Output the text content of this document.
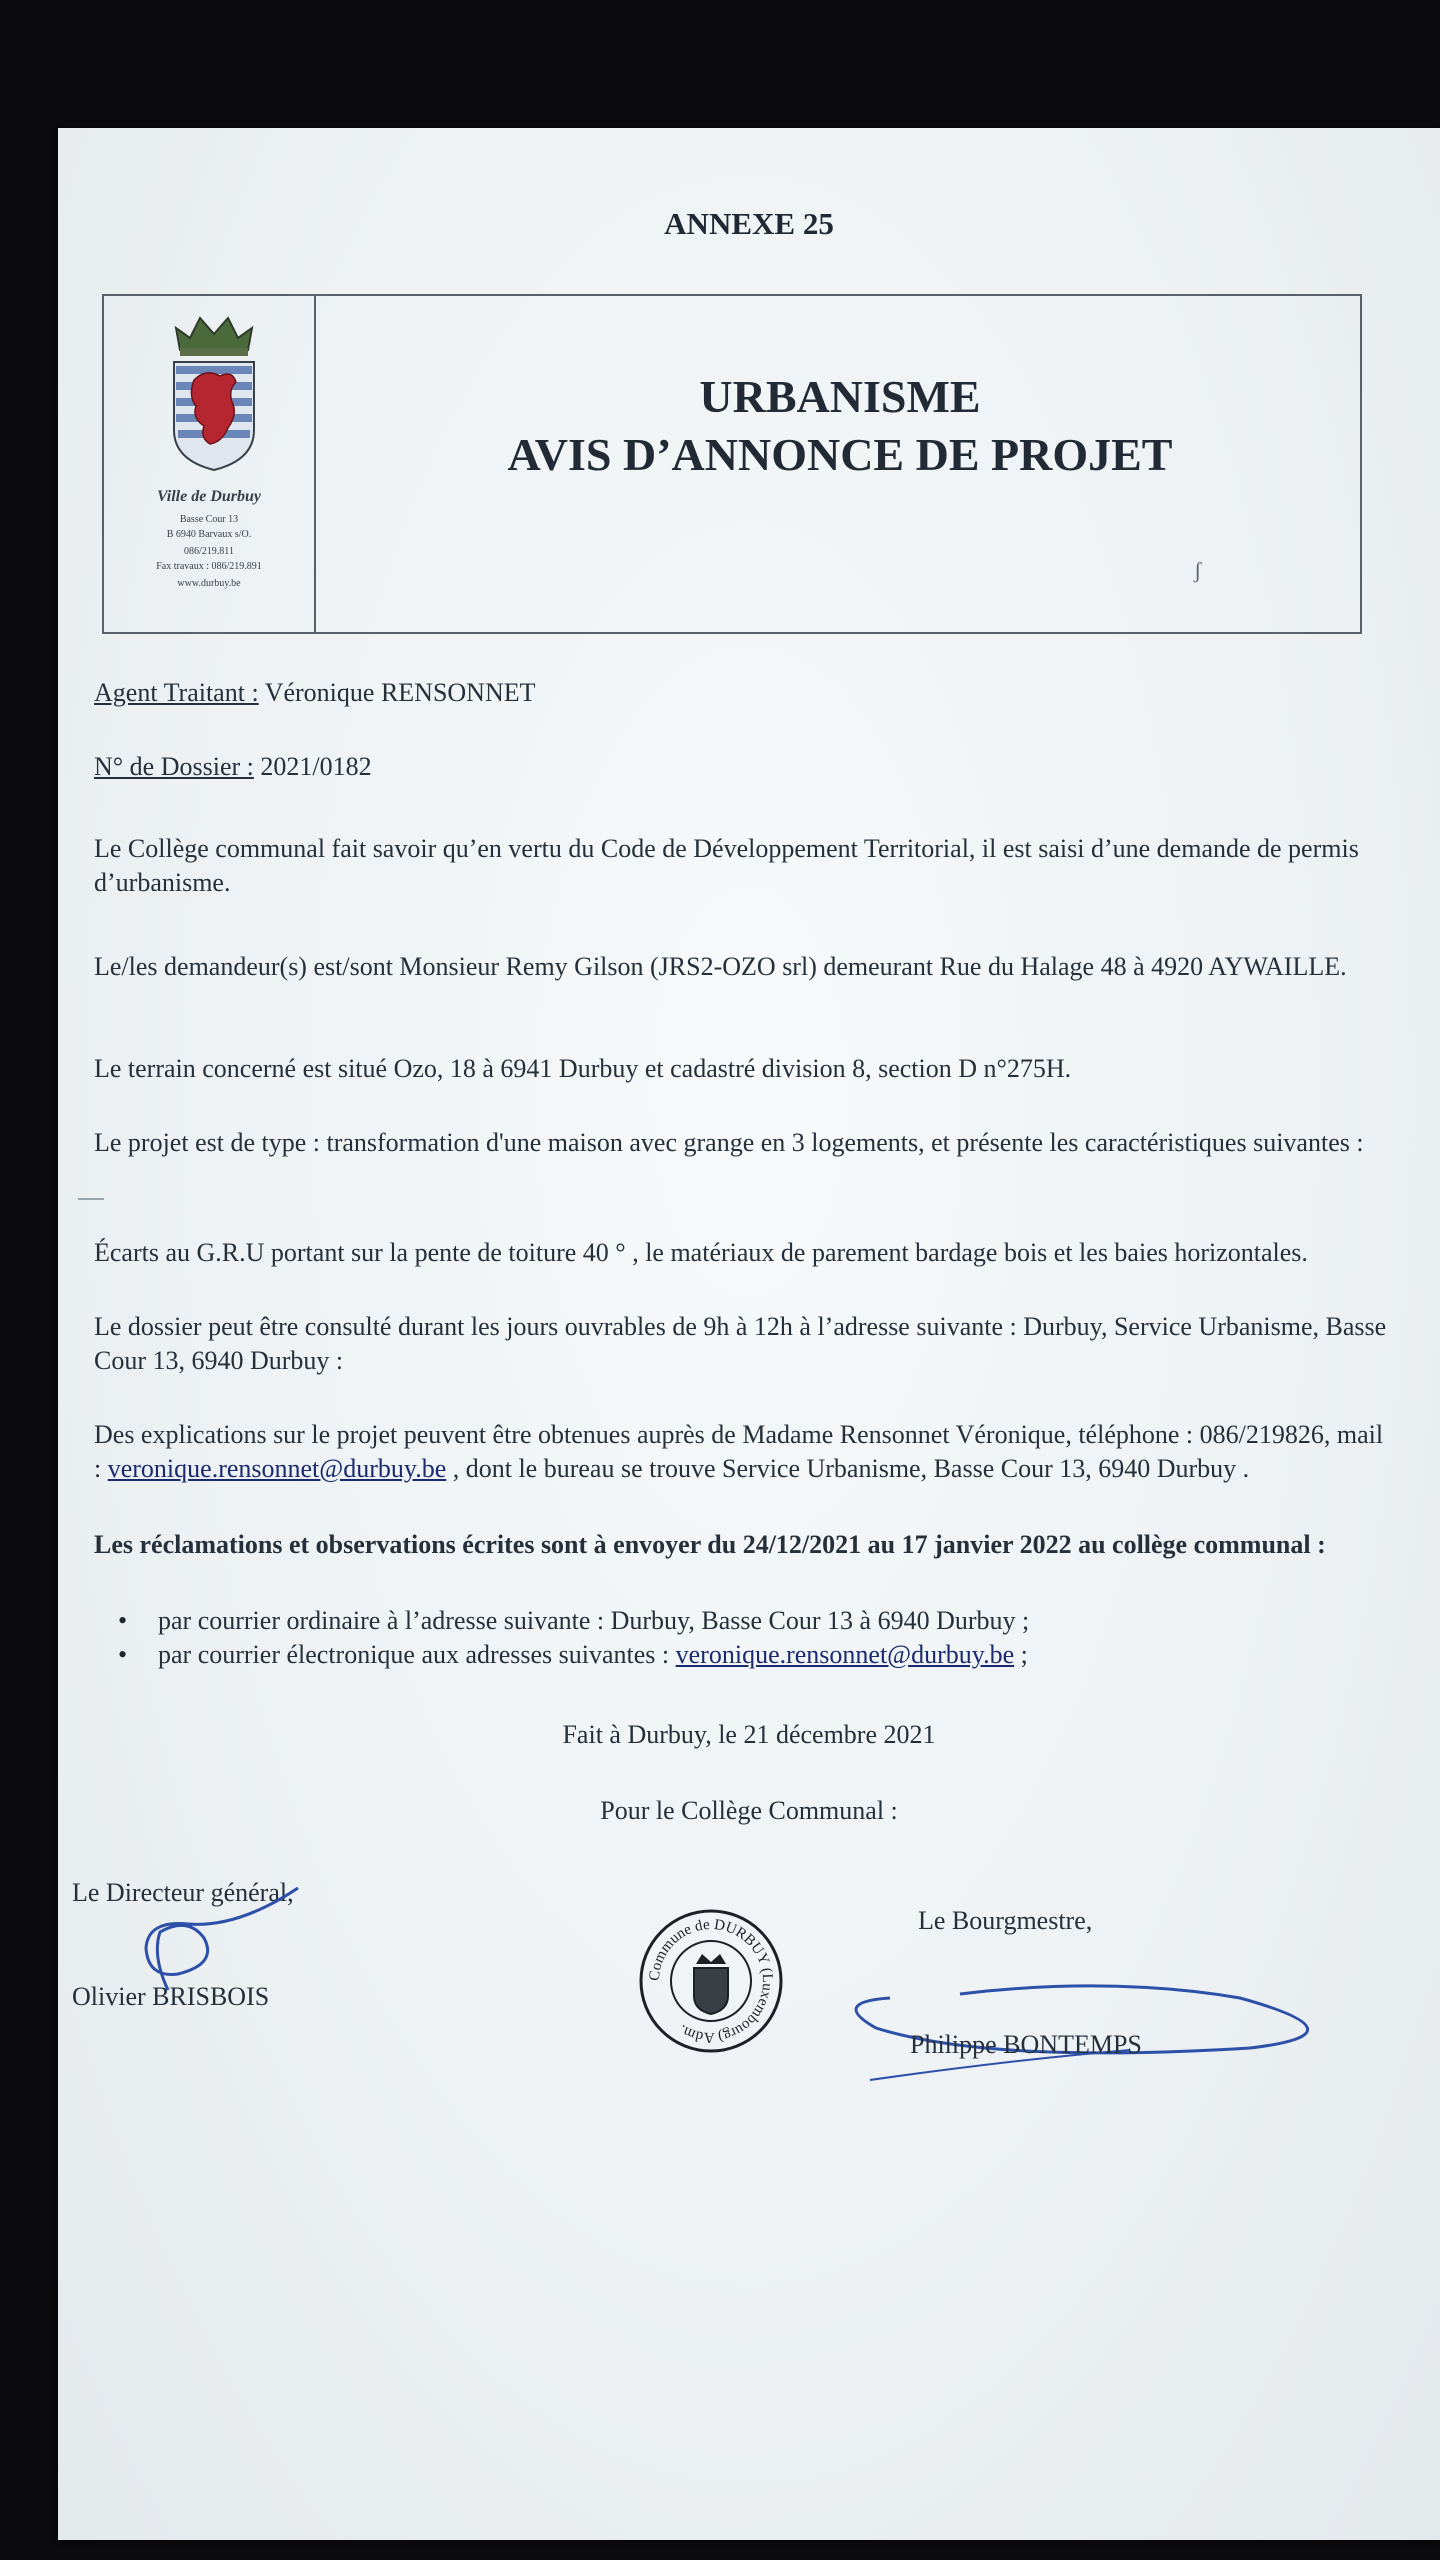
ANNEXE 25
Ville de Durbuy
Basse Cour 13
B 6940 Barvaux s/O.
086/219.811
Fax travaux : 086/219.891
www.durbuy.be
URBANISME
AVIS D’ANNONCE DE PROJET
ʃ
Agent Traitant : Véronique RENSONNET
N° de Dossier : 2021/0182
Le Collège communal fait savoir qu’en vertu du Code de Développement Territorial, il est saisi d’une demande de permis d’urbanisme.
Le/les demandeur(s) est/sont Monsieur Remy Gilson (JRS2-OZO srl) demeurant Rue du Halage 48 à 4920 AYWAILLE.
Le terrain concerné est situé Ozo, 18 à 6941 Durbuy et cadastré division 8, section D n°275H.
Le projet est de type : transformation d'une maison avec grange en 3 logements, et présente les caractéristiques suivantes :
Écarts au G.R.U portant sur la pente de toiture 40 ° , le matériaux de parement bardage bois et les baies horizontales.
Le dossier peut être consulté durant les jours ouvrables de 9h à 12h à l’adresse suivante : Durbuy, Service Urbanisme, Basse Cour 13, 6940 Durbuy :
Des explications sur le projet peuvent être obtenues auprès de Madame Rensonnet Véronique, téléphone : 086/219826, mail : veronique.rensonnet@durbuy.be , dont le bureau se trouve Service Urbanisme, Basse Cour 13, 6940 Durbuy .
Les réclamations et observations écrites sont à envoyer du 24/12/2021 au 17 janvier 2022 au collège communal :
• par courrier ordinaire à l’adresse suivante : Durbuy, Basse Cour 13 à 6940 Durbuy ;
• par courrier électronique aux adresses suivantes : veronique.rensonnet@durbuy.be ;
Fait à Durbuy, le 21 décembre 2021
Pour le Collège Communal :
Le Directeur général,
Olivier BRISBOIS
Le Bourgmestre,
Philippe BONTEMPS
Commune de DURBUY (Luxembourg) Adm.
